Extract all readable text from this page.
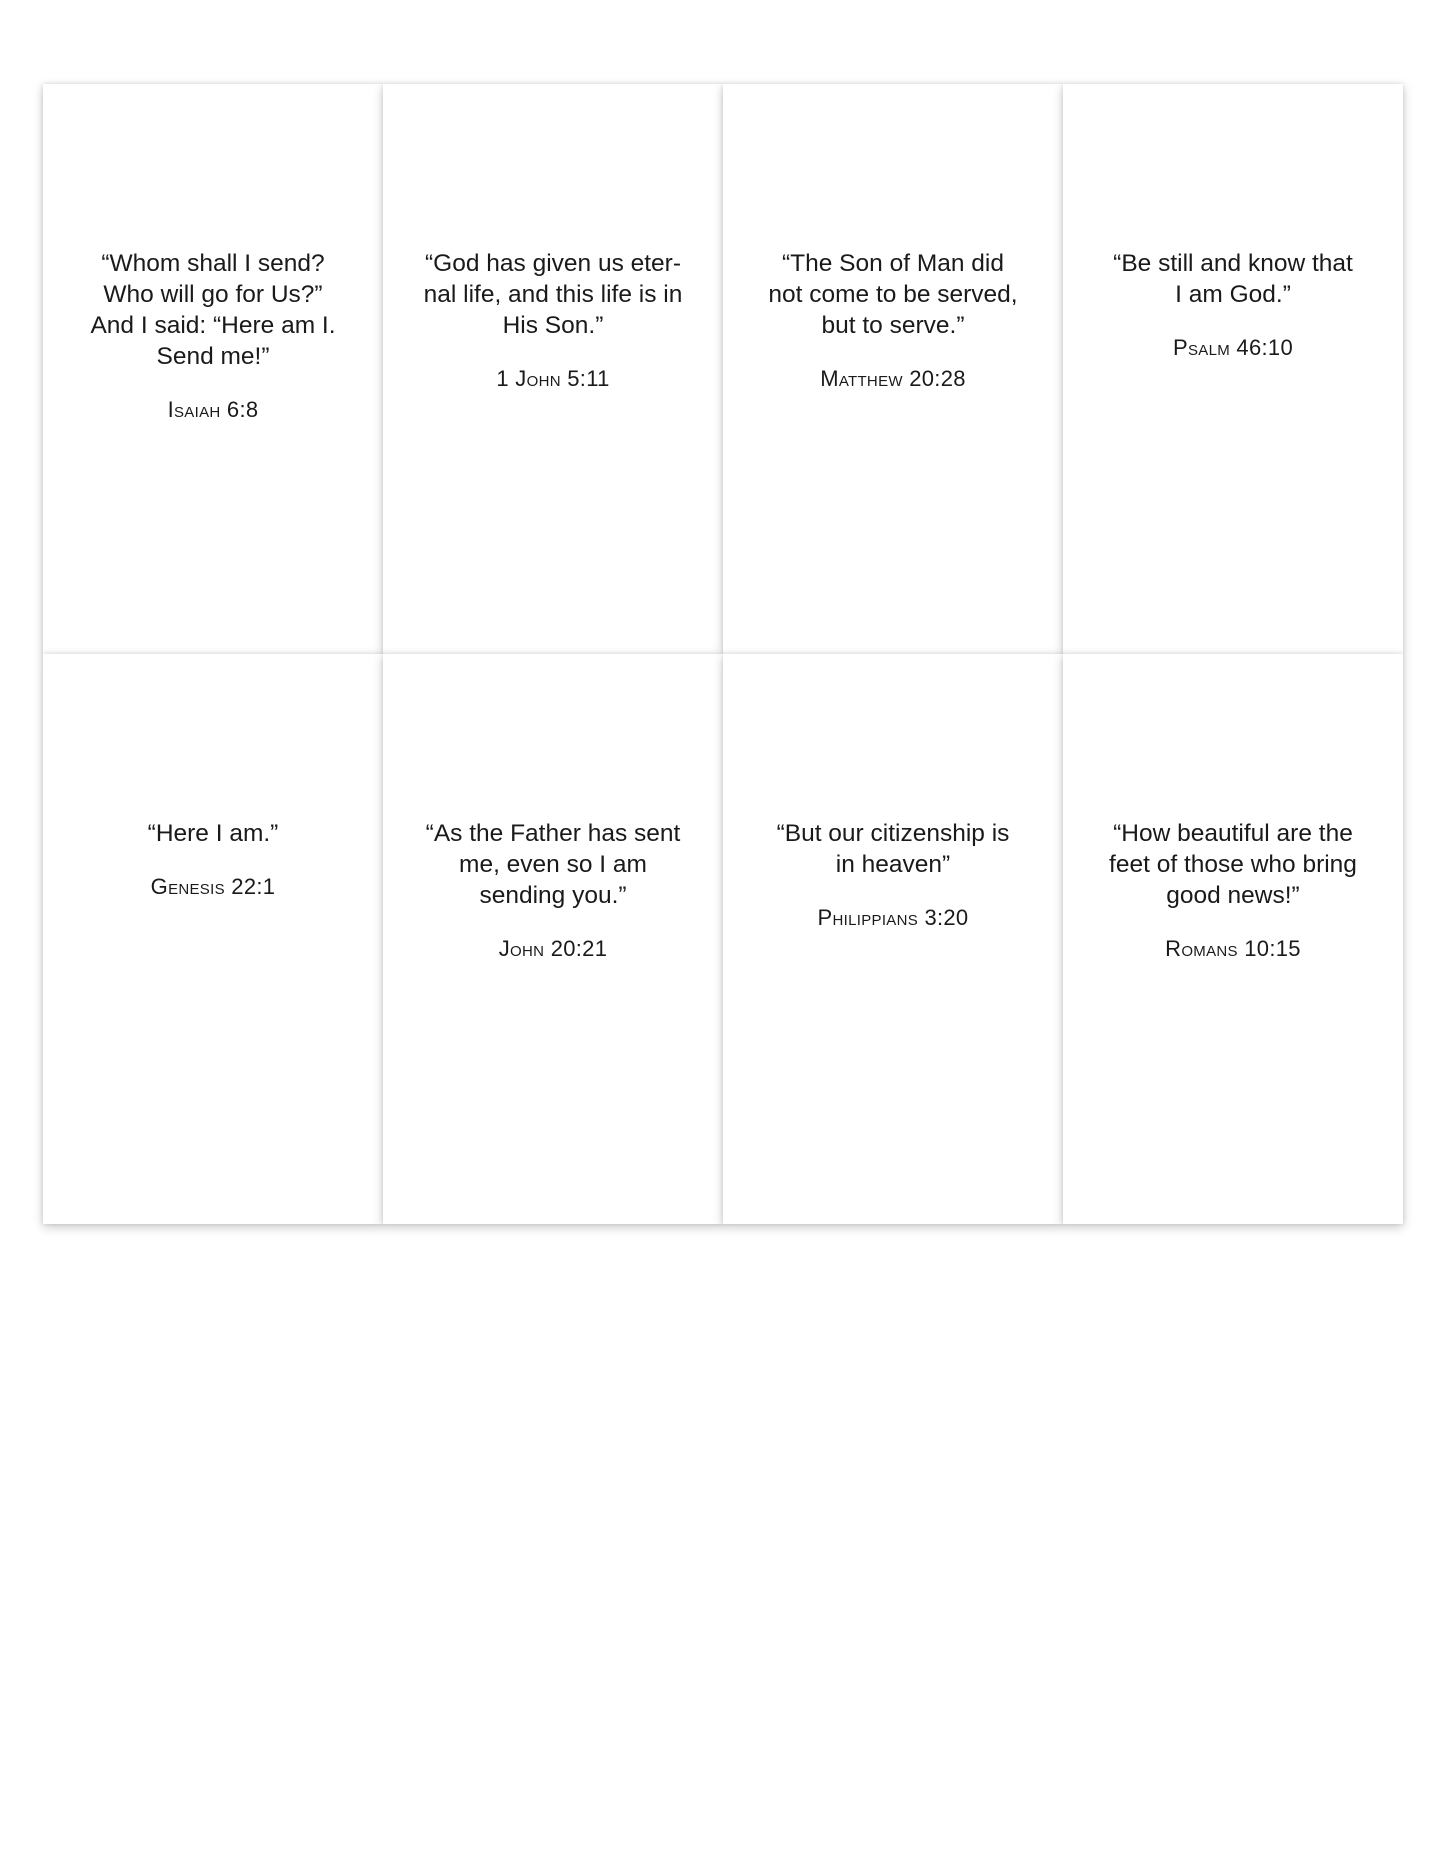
“Whom shall I send?
Who will go for Us?”
And I said: “Here am I.
Send me!”

Isaiah 6:8

“God has given us eter-
nal life, and this life is in
His Son.”

1 John 5:11

“The Son of Man did
not come to be served,
but to serve.”

Matthew 20:28

“Be still and know that
I am God.”

Psalm 46:10

“Here I am.”

Genesis 22:1

“As the Father has sent
me, even so I am
sending you.”

John 20:21

“But our citizenship is
in heaven”

Philippians 3:20

“How beautiful are the
feet of those who bring
good news!”

Romans 10:15
